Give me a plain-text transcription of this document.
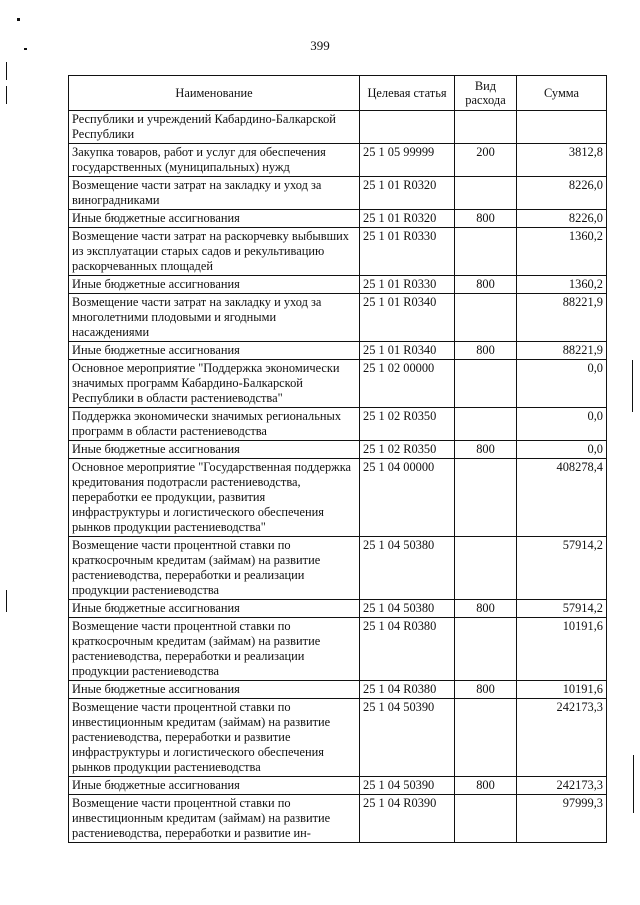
399
Наименование	Целевая статья	Вид расхода	Сумма
Республики и учреждений Кабардино-Балкарской Республики			
Закупка товаров, работ и услуг для обеспечения государственных (муниципальных) нужд	25 1 05 99999	200	3812,8
Возмещение части затрат на закладку и уход за виноградниками	25 1 01 R0320		8226,0
Иные бюджетные ассигнования	25 1 01 R0320	800	8226,0
Возмещение части затрат на раскорчевку выбывших из эксплуатации старых садов и рекультивацию раскорчеванных площадей	25 1 01 R0330		1360,2
Иные бюджетные ассигнования	25 1 01 R0330	800	1360,2
Возмещение части затрат на закладку и уход за многолетними плодовыми и ягодными насаждениями	25 1 01 R0340		88221,9
Иные бюджетные ассигнования	25 1 01 R0340	800	88221,9
Основное мероприятие "Поддержка экономически значимых программ Кабардино-Балкарской Республики в области растениеводства"	25 1 02 00000		0,0
Поддержка экономически значимых региональных программ в области растениеводства	25 1 02 R0350		0,0
Иные бюджетные ассигнования	25 1 02 R0350	800	0,0
Основное мероприятие "Государственная поддержка кредитования подотрасли растениеводства, переработки ее продукции, развития инфраструктуры и логистического обеспечения рынков продукции растениеводства"	25 1 04 00000		408278,4
Возмещение части процентной ставки по краткосрочным кредитам (займам) на развитие растениеводства, переработки и реализации продукции растениеводства	25 1 04 50380		57914,2
Иные бюджетные ассигнования	25 1 04 50380	800	57914,2
Возмещение части процентной ставки по краткосрочным кредитам (займам) на развитие растениеводства, переработки и реализации продукции растениеводства	25 1 04 R0380		10191,6
Иные бюджетные ассигнования	25 1 04 R0380	800	10191,6
Возмещение части процентной ставки по инвестиционным кредитам (займам) на развитие растениеводства, переработки и развитие инфраструктуры и логистического обеспечения рынков продукции растениеводства	25 1 04 50390		242173,3
Иные бюджетные ассигнования	25 1 04 50390	800	242173,3
Возмещение части процентной ставки по инвестиционным кредитам (займам) на развитие растениеводства, переработки и развитие ин-	25 1 04 R0390		97999,3
